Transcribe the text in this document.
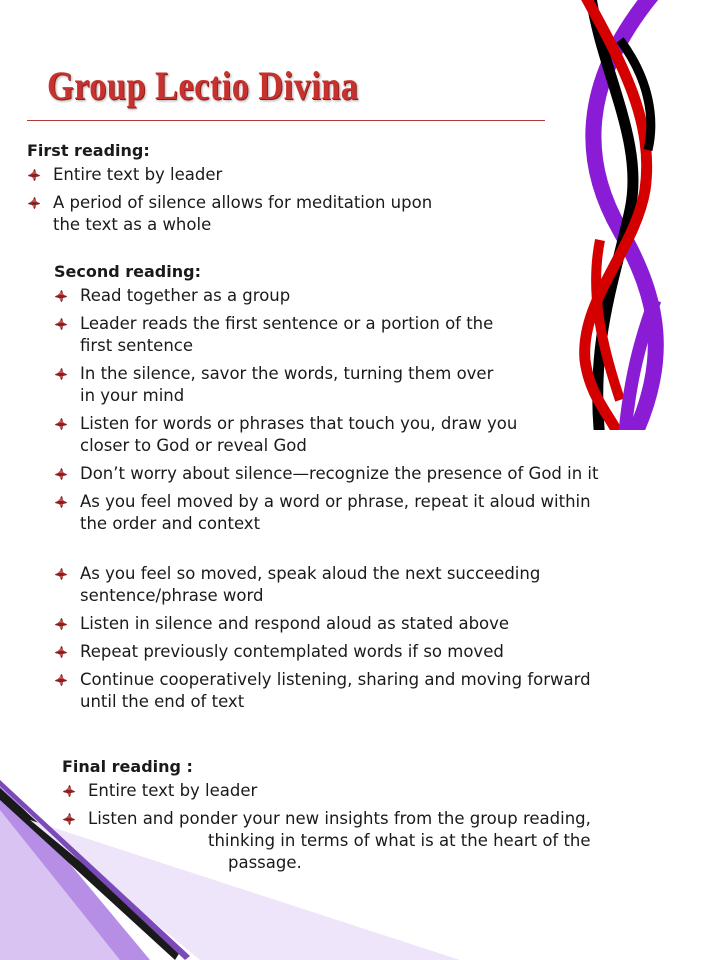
Group Lectio Divina
First reading:
Entire text by leader
A period of silence allows for meditation upon
the text as a whole
Second reading:
Read together as a group
Leader reads the first sentence or a portion of the
first sentence
In the silence, savor the words, turning them over
in your mind
Listen for words or phrases that touch you, draw you
closer to God or reveal God
Don’t worry about silence—recognize the presence of God in it
As you feel moved by a word or phrase, repeat it aloud within
the order and context
As you feel so moved, speak aloud the next succeeding
sentence/phrase word
Listen in silence and respond aloud as stated above
Repeat previously contemplated words if so moved
Continue cooperatively listening, sharing and moving forward
until the end of text
Final reading :
Entire text by leader
Listen and ponder your new insights from the group reading,
thinking in terms of what is at the heart of the
passage.
